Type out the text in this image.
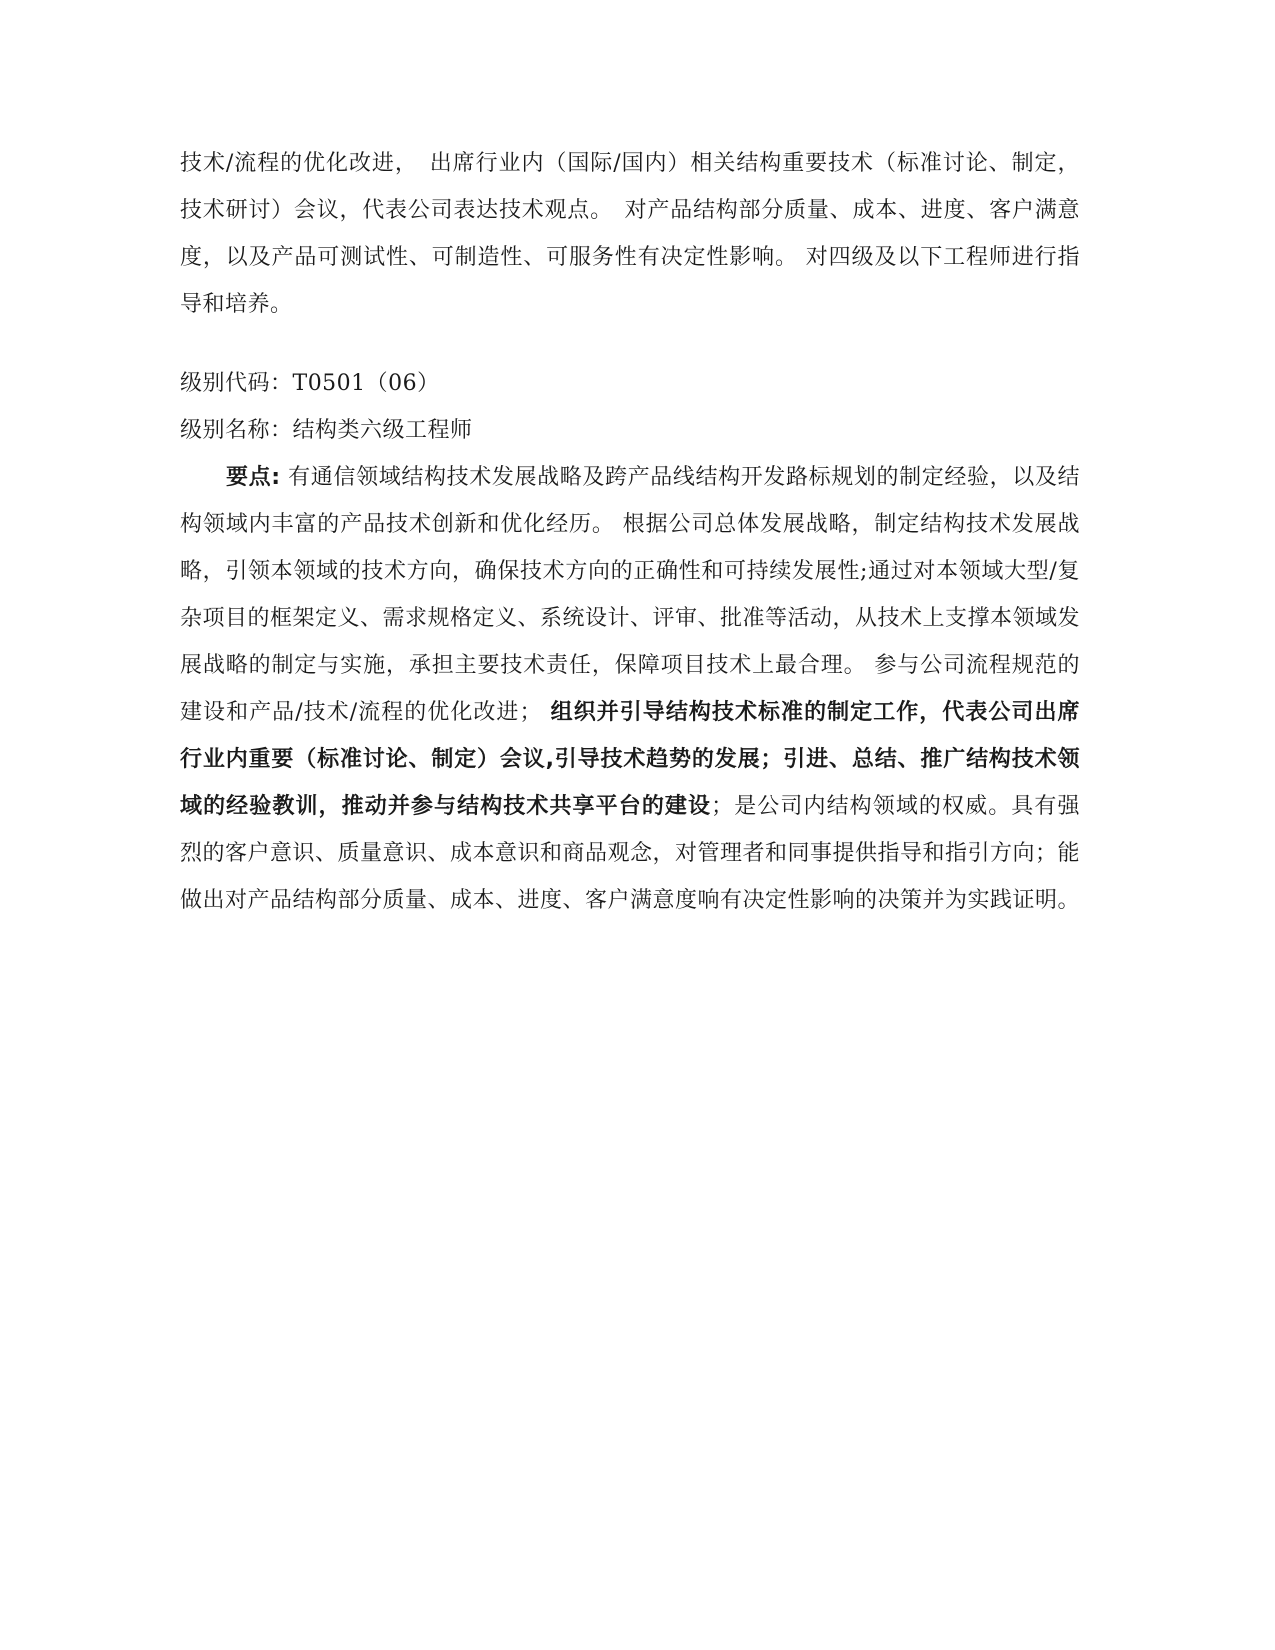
技术/流程的优化改进，　出席行业内（国际/国内）相关结构重要技术（标准讨论、制定，技术研讨）会议，代表公司表达技术观点。　对产品结构部分质量、成本、进度、客户满意度，以及产品可测试性、可制造性、可服务性有决定性影响。 对四级及以下工程师进行指导和培养。

级别代码：T0501（06）

级别名称：结构类六级工程师

要点: 有通信领域结构技术发展战略及跨产品线结构开发路标规划的制定经验，以及结构领域内丰富的产品技术创新和优化经历。 根据公司总体发展战略，制定结构技术发展战略，引领本领域的技术方向，确保技术方向的正确性和可持续发展性;通过对本领域大型/复杂项目的框架定义、需求规格定义、系统设计、评审、批准等活动，从技术上支撑本领域发展战略的制定与实施，承担主要技术责任，保障项目技术上最合理。 参与公司流程规范的建设和产品/技术/流程的优化改进； 组织并引导结构技术标准的制定工作，代表公司出席行业内重要（标准讨论、制定）会议,引导技术趋势的发展；引进、总结、推广结构技术领域的经验教训，推动并参与结构技术共享平台的建设；是公司内结构领域的权威。具有强烈的客户意识、质量意识、成本意识和商品观念，对管理者和同事提供指导和指引方向；能做出对产品结构部分质量、成本、进度、客户满意度响有决定性影响的决策并为实践证明。
